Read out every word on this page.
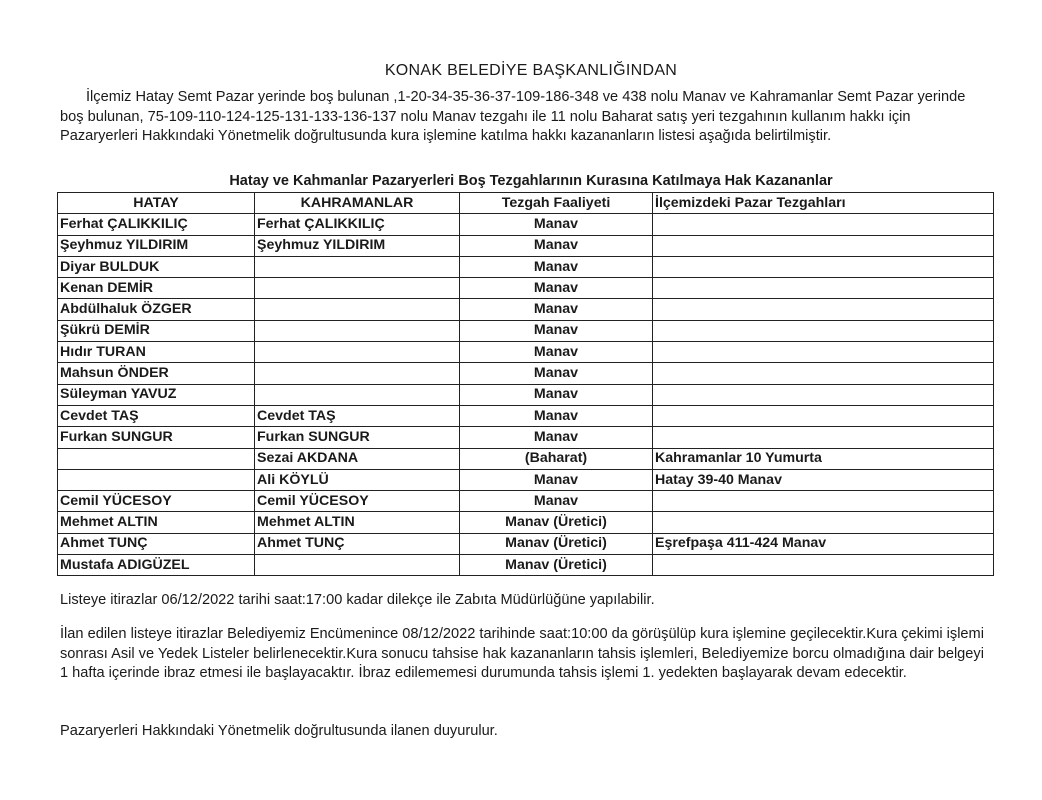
KONAK BELEDİYE BAŞKANLIĞINDAN
İlçemiz Hatay Semt Pazar yerinde boş bulunan ,1-20-34-35-36-37-109-186-348 ve 438 nolu Manav ve Kahramanlar Semt Pazar yerinde boş bulunan, 75-109-110-124-125-131-133-136-137 nolu Manav tezgahı ile 11 nolu Baharat satış yeri tezgahının kullanım hakkı için Pazaryerleri Hakkındaki Yönetmelik doğrultusunda kura işlemine katılma hakkı kazananların listesi aşağıda belirtilmiştir.
Hatay ve Kahmanlar Pazaryerleri Boş Tezgahlarının Kurasına Katılmaya Hak Kazananlar
HATAY	KAHRAMANLAR	Tezgah Faaliyeti	İlçemizdeki Pazar Tezgahları
Ferhat ÇALIKKILIÇ	Ferhat ÇALIKKILIÇ	Manav	
Şeyhmuz YILDIRIM	Şeyhmuz YILDIRIM	Manav	
Diyar BULDUK		Manav	
Kenan DEMİR		Manav	
Abdülhaluk ÖZGER		Manav	
Şükrü DEMİR		Manav	
Hıdır TURAN		Manav	
Mahsun ÖNDER		Manav	
Süleyman YAVUZ		Manav	
Cevdet TAŞ	Cevdet TAŞ	Manav	
Furkan SUNGUR	Furkan SUNGUR	Manav	
	Sezai AKDANA	(Baharat)	Kahramanlar 10 Yumurta
	Ali KÖYLÜ	Manav	Hatay 39-40 Manav
Cemil YÜCESOY	Cemil YÜCESOY	Manav	
Mehmet ALTIN	Mehmet ALTIN	Manav (Üretici)	
Ahmet TUNÇ	Ahmet TUNÇ	Manav (Üretici)	Eşrefpaşa 411-424 Manav
Mustafa ADIGÜZEL		Manav (Üretici)	
Listeye itirazlar 06/12/2022 tarihi saat:17:00 kadar dilekçe ile Zabıta Müdürlüğüne yapılabilir.
İlan edilen listeye itirazlar Belediyemiz Encümenince 08/12/2022 tarihinde saat:10:00 da görüşülüp kura işlemine geçilecektir.Kura çekimi işlemi sonrası Asil ve Yedek Listeler belirlenecektir.Kura sonucu tahsise hak kazananların tahsis işlemleri, Belediyemize borcu olmadığına dair belgeyi 1 hafta içerinde ibraz etmesi ile başlayacaktır. İbraz edilememesi durumunda tahsis işlemi 1. yedekten başlayarak devam edecektir.
Pazaryerleri Hakkındaki Yönetmelik doğrultusunda ilanen duyurulur.
